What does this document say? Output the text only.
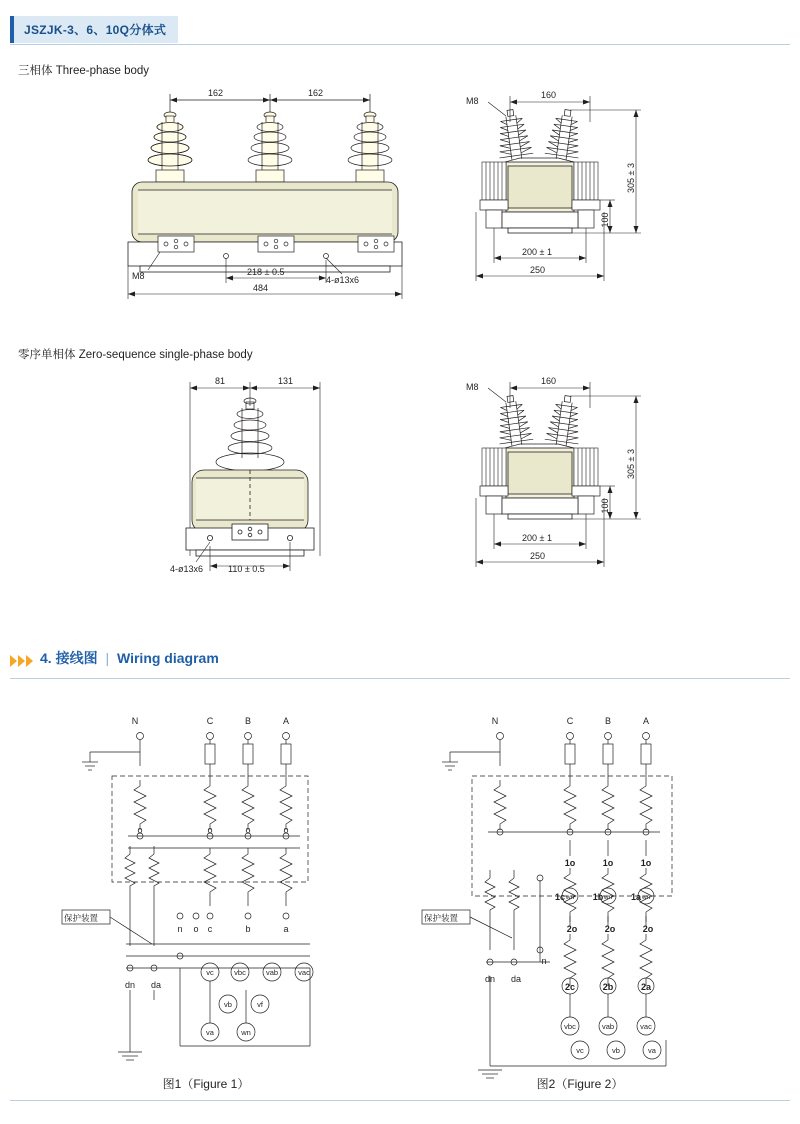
JSZJK-3、6、10Q分体式
三相体 Three-phase body
零序单相体 Zero-sequence single-phase body
162	162
M8	4-ø13x6
218 ± 0.5
484
160
M8
305 ± 3
100
200 ± 1
250
81	131
4-ø13x6	110 ± 0.5
160
M8
305 ± 3
100
200 ± 1
250
4. 接线图 | Wiring diagram
N	C	B	A
o	o	o	o
c	b	a
n o
保护装置
dn da
vc	vbc	vab	vac
vb	vf
va	wn
图1（Figure 1）
N	C	B	A
1o	1o	1o
1c	1b	1a
2o	2o	2o
2c	2b	2a
保护装置
dn da
n
vbc	vab	vac
vc	vb	va
wn	wn	wn
图2（Figure 2）
